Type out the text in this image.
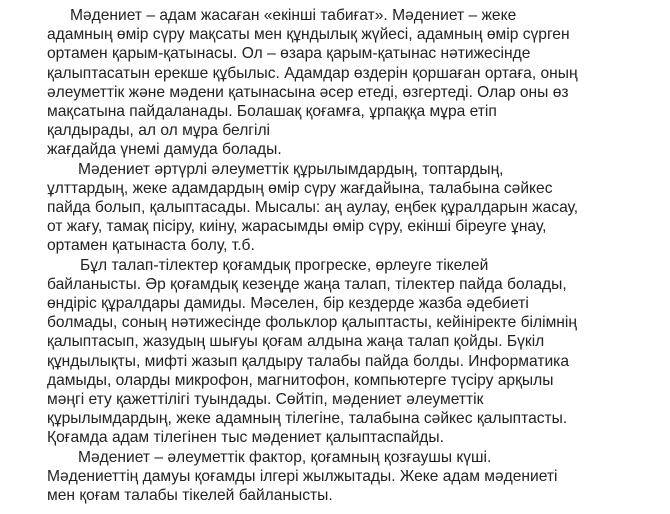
Мәдениет – адам жасаған «екінші табиғат». Мәдениет – жеке
адамның өмір сүру мақсаты мен құндылық жүйесі, адамның өмір сүрген
ортамен қарым-қатынасы. Ол – өзара қарым-қатынас нәтижесінде
қалыптасатын ерекше құбылыс. Адамдар өздерін қоршаған ортаға, оның
әлеуметтік және мәдени қатынасына әсер етеді, өзгертеді. Олар оны өз
мақсатына пайдаланады. Болашақ қоғамға, ұрпаққа мұра етіп
қалдырады, ал ол мұра белгілі
жағдайда үнемі дамуда болады.
Мәдениет әртүрлі әлеуметтік құрылымдардың, топтардың,
ұлттардың, жеке адамдардың өмір сүру жағдайына, талабына сәйкес
пайда болып, қалыптасады. Мысалы: аң аулау, еңбек құралдарын жасау,
от жағу, тамақ пісіру, киіну, жарасымды өмір сүру, екінші біреуге ұнау,
ортамен қатынаста болу, т.б.
Бұл талап-тілектер қоғамдық прогреске, өрлеуге тікелей
байланысты. Әр қоғамдық кезеңде жаңа талап, тілектер пайда болады,
өндіріс құралдары дамиды. Мәселен, бір кездерде жазба әдебиеті
болмады, соның нәтижесінде фольклор қалыптасты, кейініректе білімнің
қалыптасып, жазудың шығуы қоғам алдына жаңа талап қойды. Бүкіл
құндылықты, мифті жазып қалдыру талабы пайда болды. Информатика
дамыды, оларды микрофон, магнитофон, компьютерге түсіру арқылы
мәңгі ету қажеттілігі туындады. Сөйтіп, мәдениет әлеуметтік
құрылымдардың, жеке адамның тілегіне, талабына сәйкес қалыптасты.
Қоғамда адам тілегінен тыс мәдениет қалыптаспайды.
Мәдениет – әлеуметтік фактор, қоғамның қозғаушы күші.
Мәдениеттің дамуы қоғамды ілгері жылжытады. Жеке адам мәдениеті
мен қоғам талабы тікелей байланысты.
